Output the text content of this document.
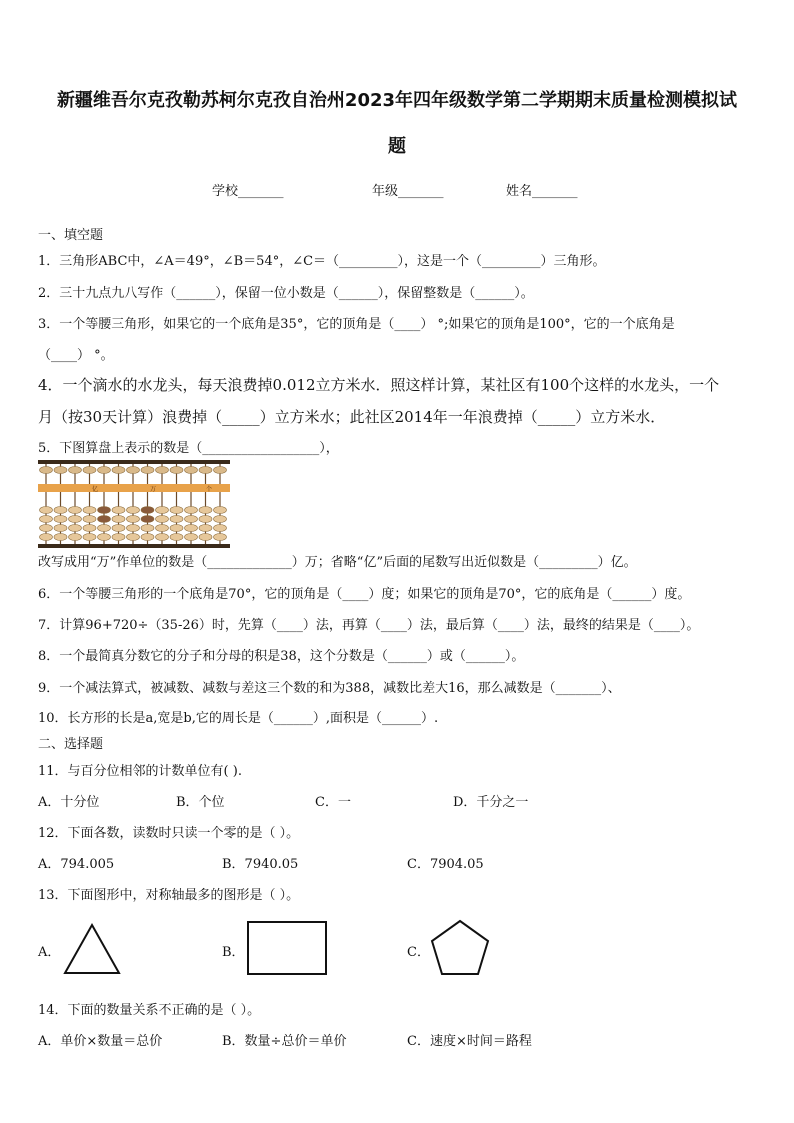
新疆维吾尔克孜勒苏柯尔克孜自治州2023年四年级数学第二学期期末质量检测模拟试
题
学校_______	年级_______	姓名_______
一、填空题
1．三角形ABC中，∠A＝49°，∠B＝54°，∠C＝（_________），这是一个（_________）三角形。
2．三十九点九八写作（______），保留一位小数是（______），保留整数是（______）。
3．一个等腰三角形，如果它的一个底角是35°，它的顶角是（____） °;如果它的顶角是100°，它的一个底角是
（____） °。
4．一个滴水的水龙头，每天浪费掉0.012立方米水．照这样计算，某社区有100个这样的水龙头，一个
月（按30天计算）浪费掉（_____）立方米水；此社区2014年一年浪费掉（_____）立方米水．
5．下图算盘上表示的数是（__________________），
亿	万	个
改写成用“万”作单位的数是（_____________）万；省略“亿”后面的尾数写出近似数是（_________）亿。
6．一个等腰三角形的一个底角是70°，它的顶角是（____）度；如果它的顶角是70°，它的底角是（______）度。
7．计算96+720÷（35-26）时，先算（____）法，再算（____）法，最后算（____）法，最终的结果是（____）。
8．一个最简真分数它的分子和分母的积是38，这个分数是（______）或（______）。
9．一个减法算式，被减数、减数与差这三个数的和为388，减数比差大16，那么减数是（_______）、
10．长方形的长是a,宽是b,它的周长是（______）,面积是（______）.
二、选择题
11．与百分位相邻的计数单位有( ).
A．十分位	B．个位	C．一	D．千分之一
12．下面各数，读数时只读一个零的是（ ）。
A．794.005	B．7940.05	C．7904.05
13．下面图形中，对称轴最多的图形是（ ）。
A．	B．	C．
14．下面的数量关系不正确的是（ ）。
A．单价×数量＝总价	B．数量÷总价＝单价	C．速度×时间＝路程
